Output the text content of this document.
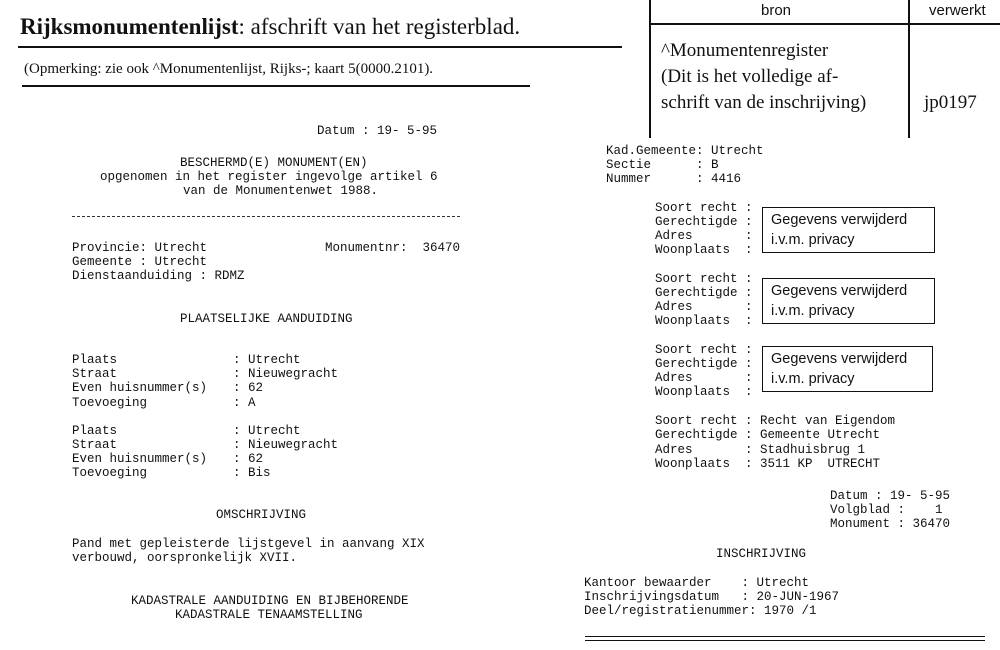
Rijksmonumentenlijst: afschrift van het registerblad.
(Opmerking: zie ook ^Monumentenlijst, Rijks-; kaart 5(0000.2101).
bron	verwerkt
^Monumentenregister
(Dit is het volledige af-
schrift van de inschrijving)	jp0197
Datum : 19- 5-95
BESCHERMD(E) MONUMENT(EN)
opgenomen in het register ingevolge artikel 6
van de Monumentenwet 1988.
Provincie: Utrecht	Monumentnr:  36470
Gemeente : Utrecht
Dienstaanduiding : RDMZ
PLAATSELIJKE AANDUIDING
Plaats	: Utrecht
Straat	: Nieuwegracht
Even huisnummer(s) : 62
Toevoeging	: A
Plaats	: Utrecht
Straat	: Nieuwegracht
Even huisnummer(s) : 62
Toevoeging	: Bis
OMSCHRIJVING
Pand met gepleisterde lijstgevel in aanvang XIX
verbouwd, oorspronkelijk XVII.
KADASTRALE AANDUIDING EN BIJBEHORENDE
KADASTRALE TENAAMSTELLING
Kad.Gemeente: Utrecht
Sectie      : B
Nummer      : 4416
Soort recht :
Gerechtigde :
Adres       :
Woonplaats  :
Gegevens verwijderd
i.v.m. privacy
Soort recht :
Gerechtigde :
Adres       :
Woonplaats  :
Gegevens verwijderd
i.v.m. privacy
Soort recht :
Gerechtigde :
Adres       :
Woonplaats  :
Gegevens verwijderd
i.v.m. privacy
Soort recht : Recht van Eigendom
Gerechtigde : Gemeente Utrecht
Adres       : Stadhuisbrug 1
Woonplaats  : 3511 KP  UTRECHT
Datum : 19- 5-95
Volgblad :    1
Monument : 36470
INSCHRIJVING
Kantoor bewaarder    : Utrecht
Inschrijvingsdatum   : 20-JUN-1967
Deel/registratienummer: 1970 /1
